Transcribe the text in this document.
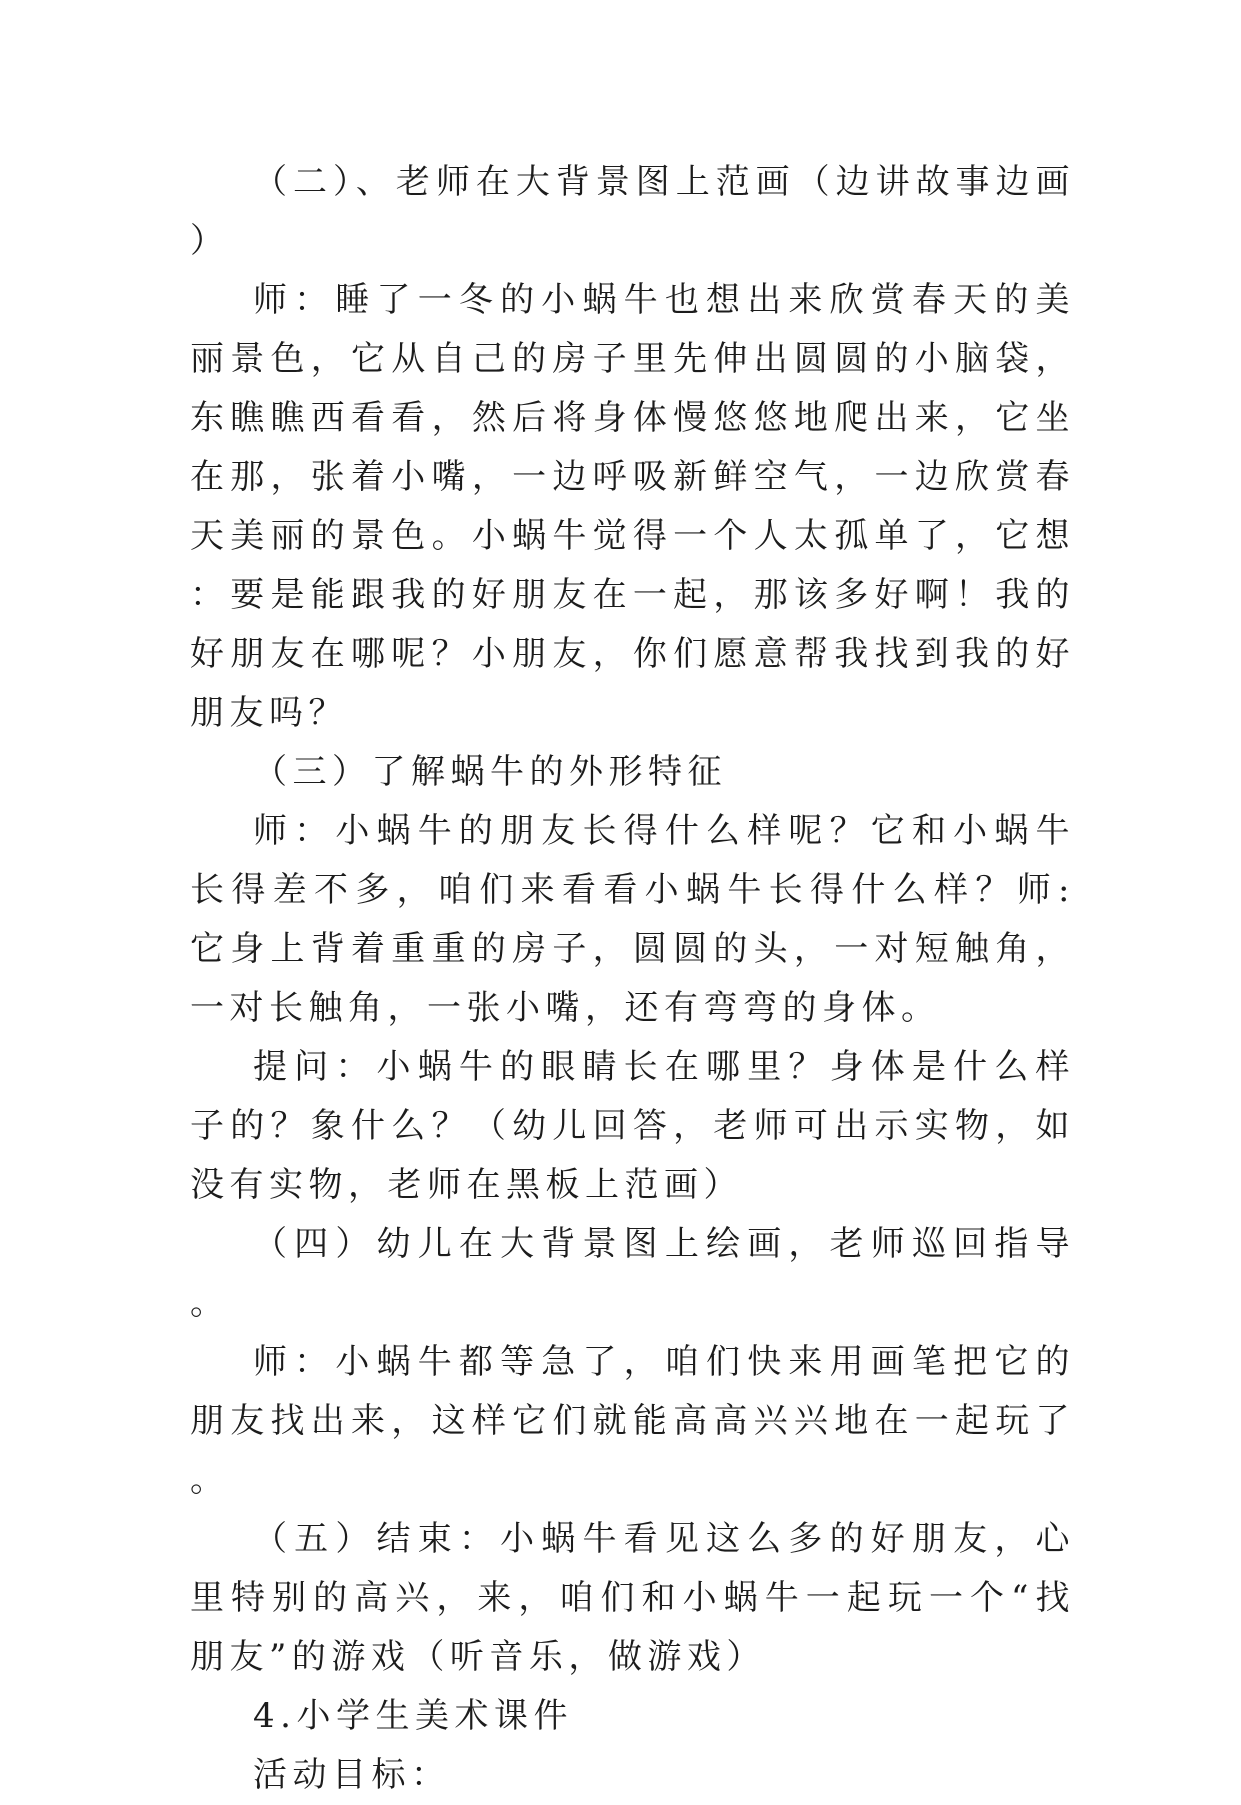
（二）、老师在大背景图上范画（边讲故事边画）

师：睡了一冬的小蜗牛也想出来欣赏春天的美丽景色，它从自己的房子里先伸出圆圆的小脑袋，东瞧瞧西看看，然后将身体慢悠悠地爬出来，它坐在那，张着小嘴，一边呼吸新鲜空气，一边欣赏春天美丽的景色。小蜗牛觉得一个人太孤单了，它想：要是能跟我的好朋友在一起，那该多好啊！我的好朋友在哪呢？小朋友，你们愿意帮我找到我的好朋友吗？

（三）了解蜗牛的外形特征

师：小蜗牛的朋友长得什么样呢？它和小蜗牛长得差不多，咱们来看看小蜗牛长得什么样？师:它身上背着重重的房子，圆圆的头，一对短触角，一对长触角，一张小嘴，还有弯弯的身体。

提问：小蜗牛的眼睛长在哪里？身体是什么样子的？象什么？（幼儿回答，老师可出示实物，如没有实物，老师在黑板上范画）

（四）幼儿在大背景图上绘画，老师巡回指导。

师：小蜗牛都等急了，咱们快来用画笔把它的朋友找出来，这样它们就能高高兴兴地在一起玩了。

（五）结束：小蜗牛看见这么多的好朋友，心里特别的高兴，来，咱们和小蜗牛一起玩一个“找朋友”的游戏（听音乐，做游戏）

4.小学生美术课件

活动目标：
